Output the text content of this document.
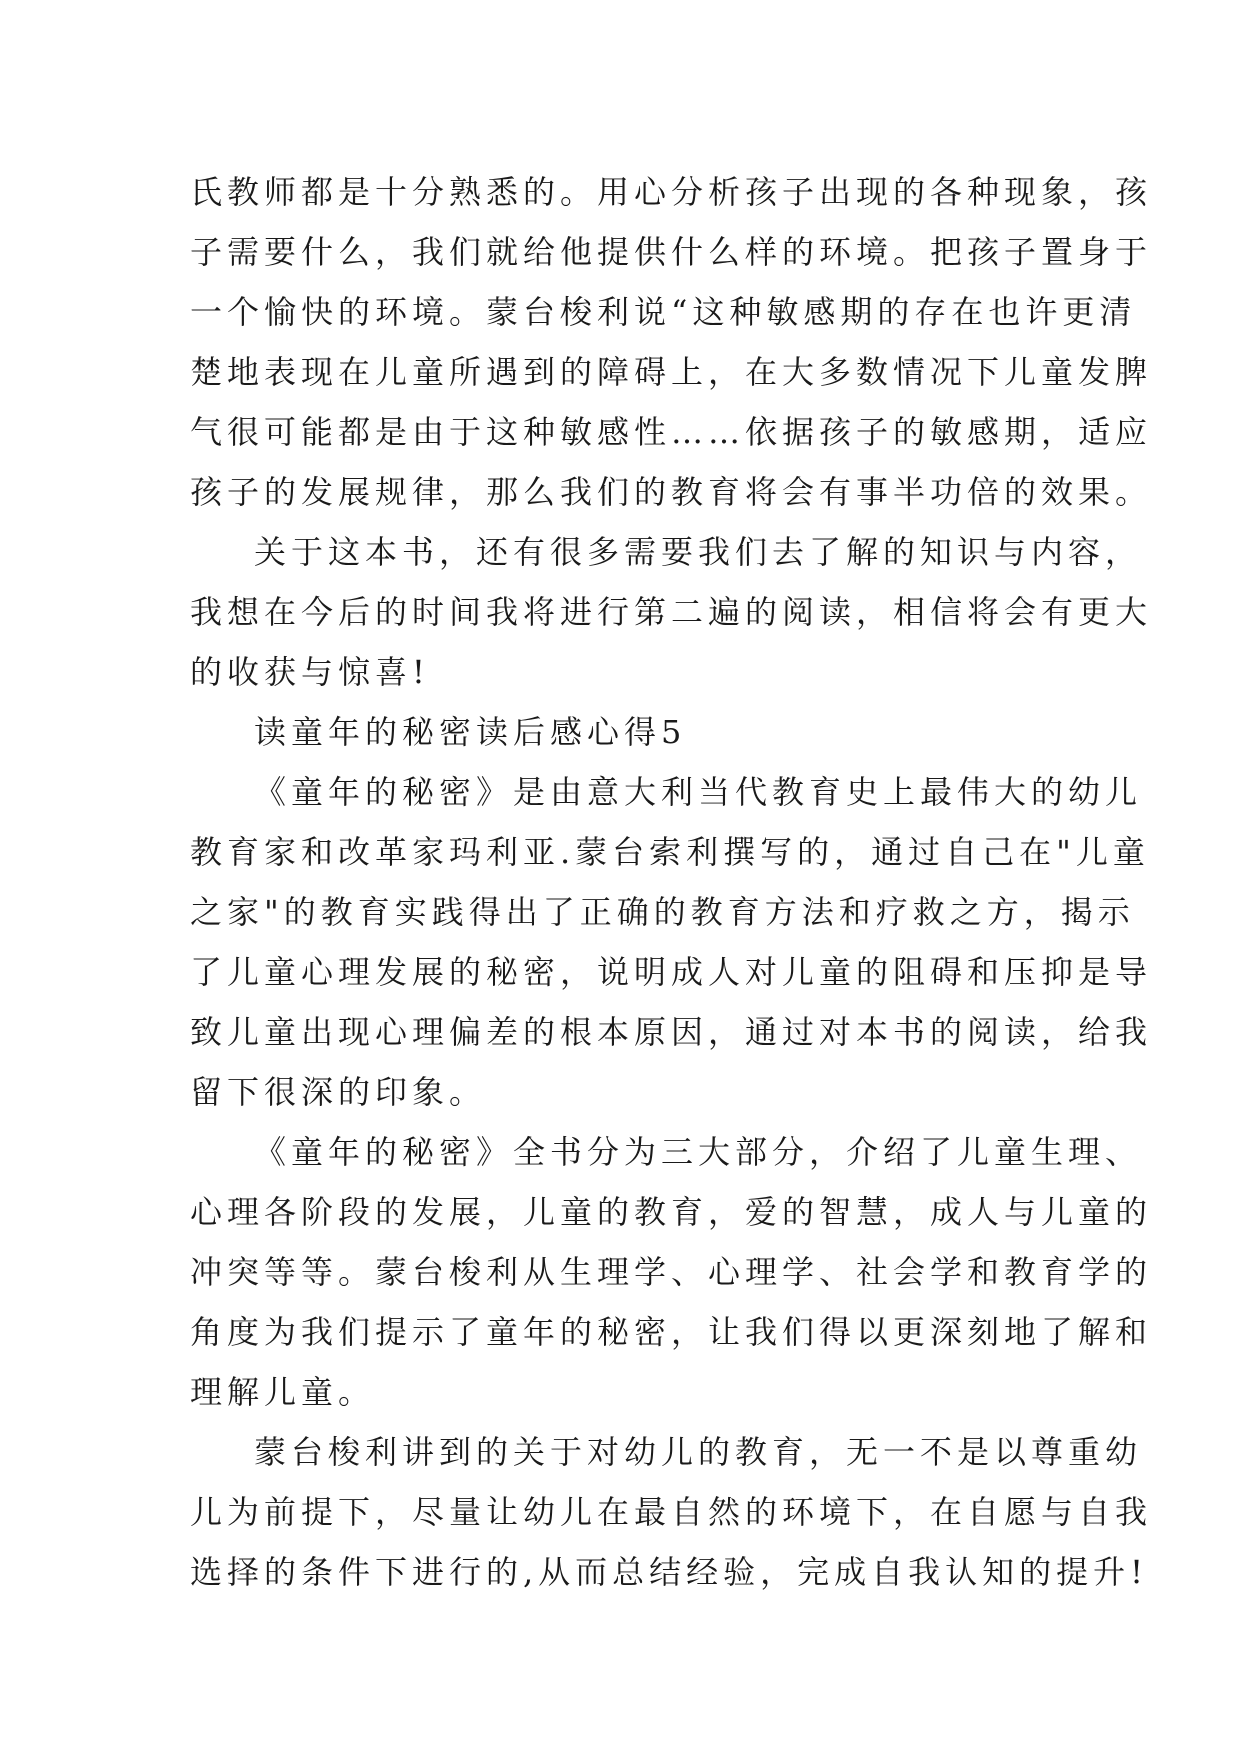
氏教师都是十分熟悉的。用心分析孩子出现的各种现象，孩
子需要什么，我们就给他提供什么样的环境。把孩子置身于
一个愉快的环境。蒙台梭利说“这种敏感期的存在也许更清
楚地表现在儿童所遇到的障碍上，在大多数情况下儿童发脾
气很可能都是由于这种敏感性……依据孩子的敏感期，适应
孩子的发展规律，那么我们的教育将会有事半功倍的效果。
关于这本书，还有很多需要我们去了解的知识与内容，
我想在今后的时间我将进行第二遍的阅读，相信将会有更大
的收获与惊喜!
读童年的秘密读后感心得5
《童年的秘密》是由意大利当代教育史上最伟大的幼儿
教育家和改革家玛利亚.蒙台索利撰写的，通过自己在"儿童
之家"的教育实践得出了正确的教育方法和疗救之方，揭示
了儿童心理发展的秘密，说明成人对儿童的阻碍和压抑是导
致儿童出现心理偏差的根本原因，通过对本书的阅读，给我
留下很深的印象。
《童年的秘密》全书分为三大部分，介绍了儿童生理、
心理各阶段的发展，儿童的教育，爱的智慧，成人与儿童的
冲突等等。蒙台梭利从生理学、心理学、社会学和教育学的
角度为我们提示了童年的秘密，让我们得以更深刻地了解和
理解儿童。
蒙台梭利讲到的关于对幼儿的教育，无一不是以尊重幼
儿为前提下，尽量让幼儿在最自然的环境下，在自愿与自我
选择的条件下进行的,从而总结经验，完成自我认知的提升!
